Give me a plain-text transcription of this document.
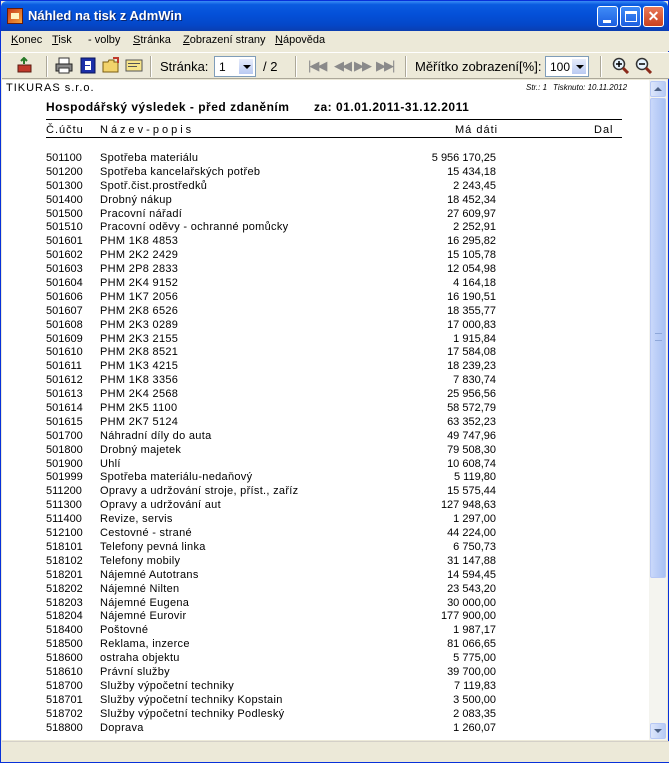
Náhled na tisk z AdmWin	✕
Konec Tisk - volby Stránka Zobrazení strany Nápověda
Stránka: 1	/ 2 |◀◀ ◀◀ ▶▶ ▶▶| Měřítko zobrazení[%]: 100
TIKURAS s.r.o.	Str.: 1 Tisknuto: 10.11.2012
Hospodářský výsledek - před zdaněním za: 01.01.2011-31.12.2011
Č.účtu Název-popis	Má dáti	Dal
501100 Spotřeba materiálu	5 956 170,25
501200 Spotřeba kancelařských potřeb	15 434,18
501300 Spotř.čist.prostředků	2 243,45
501400 Drobný nákup	18 452,34
501500 Pracovní nářadí	27 609,97
501510 Pracovní oděvy - ochranné pomůcky	2 252,91
501601 PHM 1K8 4853	16 295,82
501602 PHM 2K2 2429	15 105,78
501603 PHM 2P8 2833	12 054,98
501604 PHM 2K4 9152	4 164,18
501606 PHM 1K7 2056	16 190,51
501607 PHM 2K8 6526	18 355,77
501608 PHM 2K3 0289	17 000,83
501609 PHM 2K3 2155	1 915,84
501610 PHM 2K8 8521	17 584,08
501611 PHM 1K3 4215	18 239,23
501612 PHM 1K8 3356	7 830,74
501613 PHM 2K4 2568	25 956,56
501614 PHM 2K5 1100	58 572,79
501615 PHM 2K7 5124	63 352,23
501700 Náhradní díly do auta	49 747,96
501800 Drobný majetek	79 508,30
501900 Uhlí	10 608,74
501999 Spotřeba materiálu-nedaňový	5 119,80
511200 Opravy a udržování stroje, příst., zaříz	15 575,44
511300 Opravy a udržování aut	127 948,63
511400 Revize, servis	1 297,00
512100 Cestovné - strané	44 224,00
518101 Telefony pevná linka	6 750,73
518102 Telefony mobily	31 147,88
518201 Nájemné Autotrans	14 594,45
518202 Nájemné Nilten	23 543,20
518203 Nájemné Eugena	30 000,00
518204 Nájemné Eurovir	177 900,00
518400 Poštovné	1 987,17
518500 Reklama, inzerce	81 066,65
518600 ostraha objektu	5 775,00
518610 Právní služby	39 700,00
518700 Služby výpočetní techniky	7 119,83
518701 Služby výpočetní techniky Kopstain	3 500,00
518702 Služby výpočetní techniky Podleský	2 083,35
518800 Doprava	1 260,07
